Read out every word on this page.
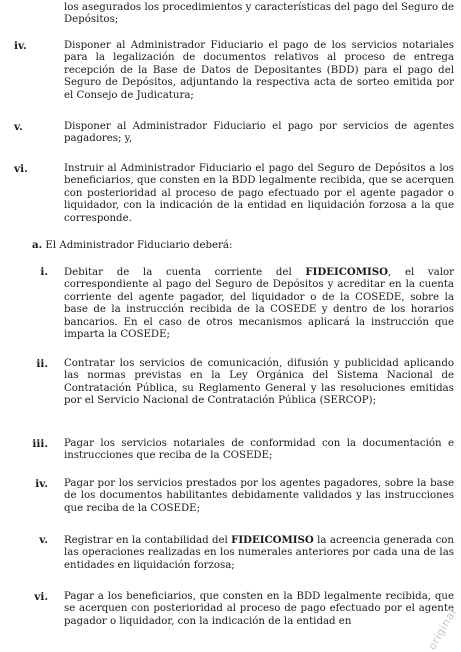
los asegurados los procedimientos y características del pago del Seguro de Depósitos;
iv.	Disponer al Administrador Fiduciario el pago de los servicios notariales para la legalización de documentos relativos al proceso de entrega recepción de la Base de Datos de Depositantes (BDD) para el pago del Seguro de Depósitos, adjuntando la respectiva acta de sorteo emitida por el Consejo de Judicatura;
v.	Disponer al Administrador Fiduciario el pago por servicios de agentes pagadores; y,
vi.	Instruir al Administrador Fiduciario el pago del Seguro de Depósitos a los beneficiarios, que consten en la BDD legalmente recibida, que se acerquen con posterioridad al proceso de pago efectuado por el agente pagador o liquidador, con la indicación de la entidad en liquidación forzosa a la que corresponde.
a. El Administrador Fiduciario deberá:
i. Debitar de la cuenta corriente del FIDEICOMISO, el valor correspondiente al pago del Seguro de Depósitos y acreditar en la cuenta corriente del agente pagador, del liquidador o de la COSEDE, sobre la base de la instrucción recibida de la COSEDE y dentro de los horarios bancarios. En el caso de otros mecanismos aplicará la instrucción que imparta la COSEDE;
ii. Contratar los servicios de comunicación, difusión y publicidad aplicando las normas previstas en la Ley Orgánica del Sistema Nacional de Contratación Pública, su Reglamento General y las resoluciones emitidas por el Servicio Nacional de Contratación Pública (SERCOP);
iii. Pagar los servicios notariales de conformidad con la documentación e instrucciones que reciba de la COSEDE;
iv. Pagar por los servicios prestados por los agentes pagadores, sobre la base de los documentos habilitantes debidamente validados y las instrucciones que reciba de la COSEDE;
v. Registrar en la contabilidad del FIDEICOMISO la acreencia generada con las operaciones realizadas en los numerales anteriores por cada una de las entidades en liquidación forzosa;
vi. Pagar a los beneficiarios, que consten en la BDD legalmente recibida, que se acerquen con posterioridad al proceso de pago efectuado por el agente pagador o liquidador, con la indicación de la entidad en	original
